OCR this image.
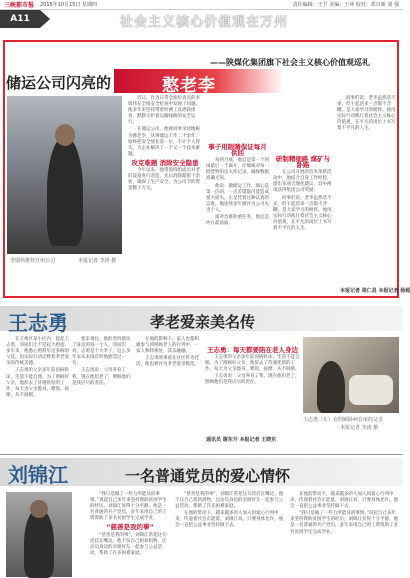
三峡都市报 2015年10月15日 星期四	责任编辑：王卫 美编：王萍 校对：邓日新 刘 强
A11	社会主义核心价值观在万州
——陕煤化集团旗下社会主义核心价值观巡礼
储运公司闪亮的	憨老李
李瑞伟推荐万州公司	本报记者 李涛 摄

近日，作为日常全面检查员的李瑞伟在全线安全检查中发现了问题。他多年来坚持带着检测工具逐段排查，默默守护着运输线路的安全运行。

在储运公司，他被同事亲切地称为憨老李，从事储运工作二十余年，始终把安全放在第一位，不计个人得失，为企业解决了一个又一个技术难题。

攻克难题 消除安全隐患

今年以来，他带领班组成员对老旧设备进行改造，先后消除隐患十余处，确保了生产安全，为公司节约资金数十万元。

事子用眼睛保证每月供回

每到月底，他总是第一个到岗最后一个离开，仔细核对每一批货物的出入库记录，确保数据准确无误。

他说：做储运工作，细心是第一位的，一点差错都可能造成很大损失。正是凭着这种认真的态度，他连续多年被评为公司先进个人。

面对急难险重任务，他总是冲在最前面。

研制精细路 煤矿与卧路

在公司开展的技术革新活动中，他结合自身工作经验，提出多项合理化建议，其中两项获得集团公司奖励。

同事们说，老李虽然话不多，但干起活来一点都不含糊，是大家学习的榜样。他用实际行动践行着社会主义核心价值观，在平凡的岗位上书写着不平凡的人生。

同事们说，老李虽然话不多，但干起活来一点都不含糊，是大家学习的榜样。他用实际行动践行着社会主义核心价值观，在平凡的岗位上书写着不平凡的人生。

本报记者 周仁昌 本报记者 杨超
王志勇	孝老爱亲美名传

在万州区某小区内，提起王志勇，邻居们无不竖起大拇指。多年来，他悉心照料年迈多病的父母，用实际行动诠释着孝老爱亲的传统美德。

王志勇的父亲多年前因病卧床，生活不能自理。为了照顾好父亲，他辞去了待遇优厚的工作，每天为父亲擦身、喂饭、按摩，从不间断。

寒来暑往，他的坚持感动了身边的每一个人。邻居们说，志勇是个大孝子，这么多年来从来没有听他抱怨过一句。

王志勇说：父母养育了我，现在他们老了，照顾他们是我应尽的责任。

在他的影响下，家人也都积极参与到照顾老人的行列中，一家人和睦相处，其乐融融。

王志勇的事迹在社区传为佳话，他也被评为孝老爱亲模范。

王志勇：每天都要陪在老人身边

王志勇的父亲多年前因病卧床，生活不能自理。为了照顾好父亲，他辞去了待遇优厚的工作，每天为父亲擦身、喂饭、按摩，从不间断。

王志勇说：父母养育了我，现在他们老了，照顾他们是我应尽的责任。

通讯员 谢东升 本报记者 王晓东
王志勇（左）在照顾卧病在床的父亲
本报记者 李涛 摄
刘锦江	一名普通党员的爱心情怀

“我只是做了一些力所能及的事情。”说起自己多年来坚持资助贫困学生的经历，刘锦江显得十分平静。他是一名普通的共产党员，多年来用自己的工资资助了多名贫困学生完成学业。

“慈善是我的事”

“慈善是我的事”，刘锦江常把这句话挂在嘴边。他不仅自己捐款捐物，还动员身边的亲朋好友一起参与公益活动，帮助了许多困难家庭。

“慈善是我的事”，刘锦江常把这句话挂在嘴边。他不仅自己捐款捐物，还动员身边的亲朋好友一起参与公益活动，帮助了许多困难家庭。

在他的带动下，越来越多的人加入到爱心行列中来，传递着社会正能量。刘锦江说，只要身体允许，他会一直把公益事业坚持做下去。

在他的带动下，越来越多的人加入到爱心行列中来，传递着社会正能量。刘锦江说，只要身体允许，他会一直把公益事业坚持做下去。

“我只是做了一些力所能及的事情。”说起自己多年来坚持资助贫困学生的经历，刘锦江显得十分平静。他是一名普通的共产党员，多年来用自己的工资资助了多名贫困学生完成学业。
